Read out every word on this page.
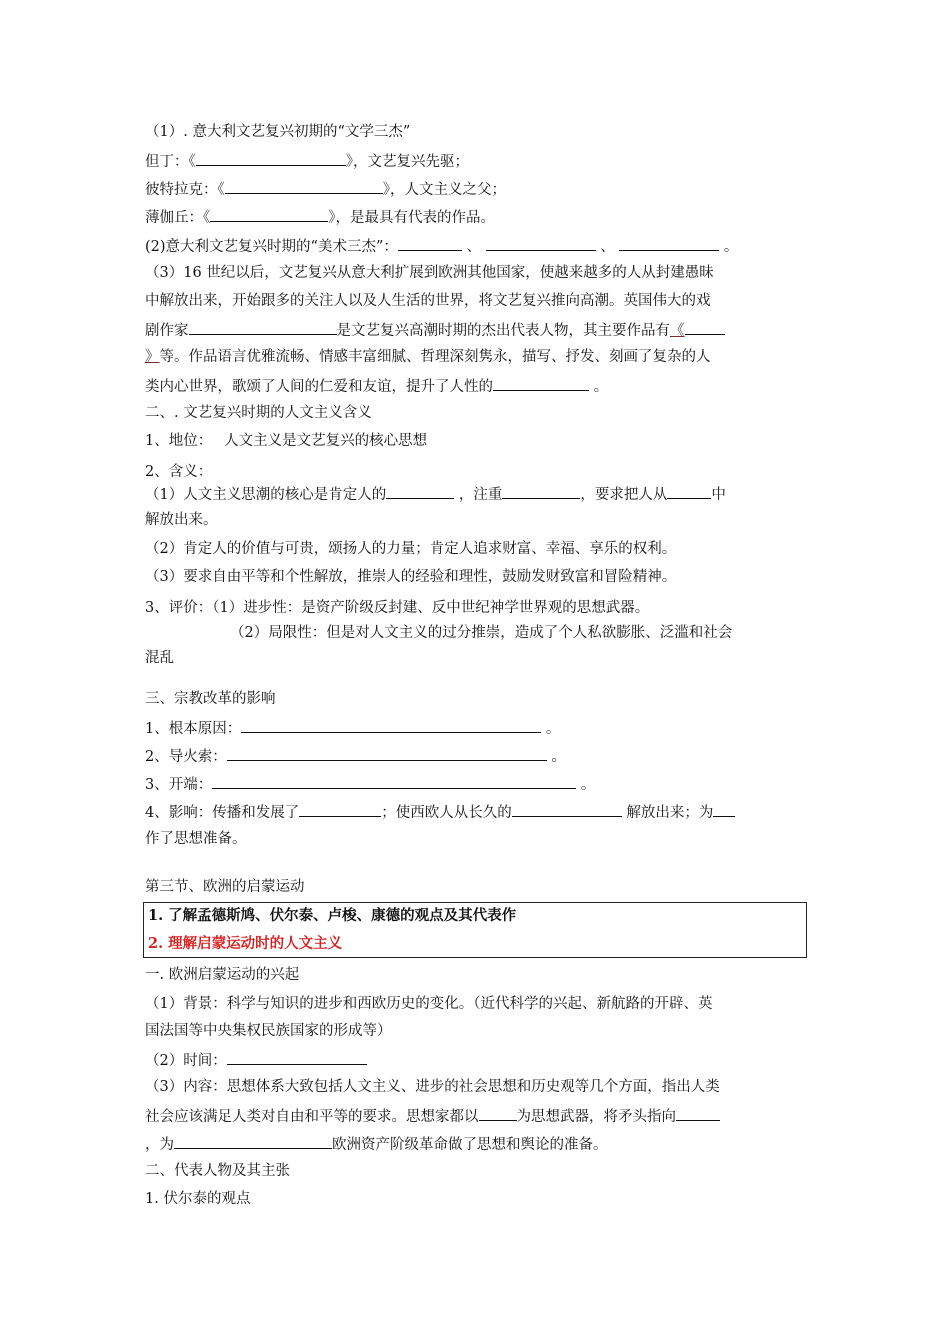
（1）. 意大利文艺复兴初期的“文学三杰”
但丁：《	》，文艺复兴先驱；
彼特拉克：《	》，人文主义之父；
薄伽丘：《	》，是最具有代表的作品。
(2)意大利文艺复兴时期的“美术三杰”：	、	、	。
（3）16 世纪以后，文艺复兴从意大利扩展到欧洲其他国家，使越来越多的人从封建愚昧
中解放出来，开始跟多的关注人以及人生活的世界，将文艺复兴推向高潮。英国伟大的戏
剧作家	是文艺复兴高潮时期的杰出代表人物，其主要作品有《
》等。作品语言优雅流畅、情感丰富细腻、哲理深刻隽永，描写、抒发、刻画了复杂的人
类内心世界，歌颂了人间的仁爱和友谊，提升了人性的	。
二、. 文艺复兴时期的人文主义含义
1、地位：　 人文主义是文艺复兴的核心思想
2、含义：
（1）人文主义思潮的核心是肯定人的	，注重	，要求把人从	中
解放出来。
（2）肯定人的价值与可贵，颂扬人的力量；肯定人追求财富、幸福、享乐的权利。
（3）要求自由平等和个性解放，推崇人的经验和理性，鼓励发财致富和冒险精神。
3、评价：（1）进步性：是资产阶级反封建、反中世纪神学世界观的思想武器。
（2）局限性：但是对人文主义的过分推崇，造成了个人私欲膨胀、泛滥和社会
混乱
三、宗教改革的影响
1、根本原因：	。
2、导火索：	。
3、开端：	。
4、影响：传播和发展了	；使西欧人从长久的	解放出来；为
作了思想准备。
第三节、欧洲的启蒙运动
1. 了解孟德斯鸠、伏尔泰、卢梭、康德的观点及其代表作
2. 理解启蒙运动时的人文主义
一. 欧洲启蒙运动的兴起
（1）背景：科学与知识的进步和西欧历史的变化。（近代科学的兴起、新航路的开辟、英
国法国等中央集权民族国家的形成等）
（2）时间：
（3）内容：思想体系大致包括人文主义、进步的社会思想和历史观等几个方面，指出人类
社会应该满足人类对自由和平等的要求。思想家都以	为思想武器，将矛头指向
，为	欧洲资产阶级革命做了思想和舆论的准备。
二、代表人物及其主张
1. 伏尔泰的观点
